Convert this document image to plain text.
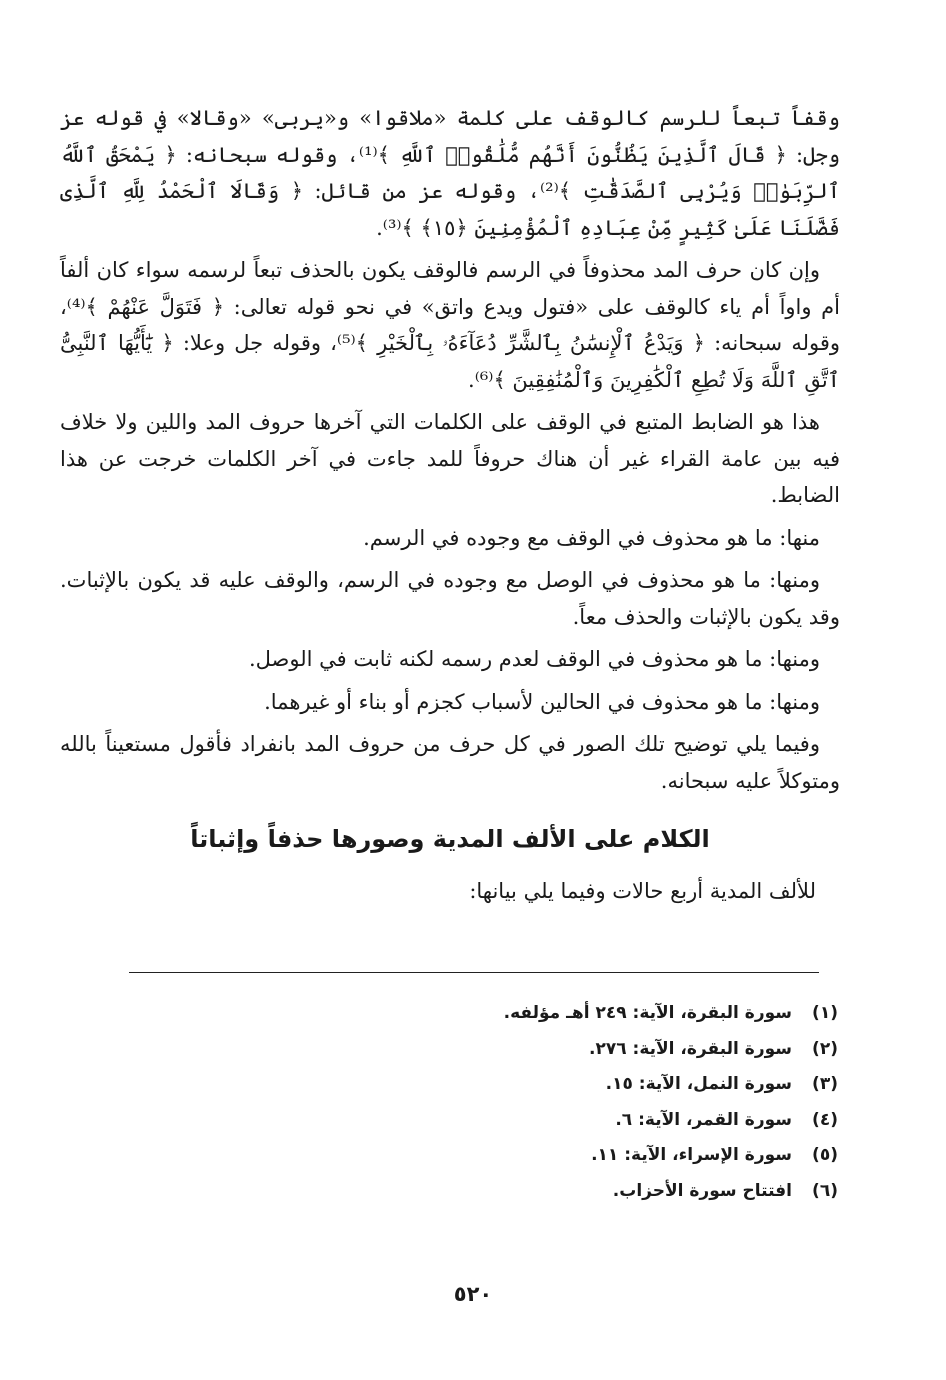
وقفاً تبعاً للرسم كالوقف على كلمة «ملاقوا» و«يربى» «وقالا» في قوله عز وجل: ﴿ قَالَ ٱلَّذِينَ يَظُنُّونَ أَنَّهُم مُّلَٰقُوا۟ ٱللَّهِ ﴾⁽¹⁾، وقوله سبحانه: ﴿ يَمْحَقُ ٱللَّهُ ٱلرِّبَوٰا۟ وَيُرْبِى ٱلصَّدَقَٰتِ ﴾⁽²⁾، وقوله عز من قائل: ﴿ وَقَالَا ٱلْحَمْدُ لِلَّهِ ٱلَّذِى فَضَّلَنَا عَلَىٰ كَثِيرٍ مِّنْ عِبَادِهِ ٱلْمُؤْمِنِينَ ﴿١٥﴾ ﴾⁽³⁾.

وإن كان حرف المد محذوفاً في الرسم فالوقف يكون بالحذف تبعاً لرسمه سواء كان ألفاً أم واواً أم ياء كالوقف على «فتول ويدع واتق» في نحو قوله تعالى: ﴿ فَتَوَلَّ عَنْهُمْ ﴾⁽⁴⁾، وقوله سبحانه: ﴿ وَيَدْعُ ٱلْإِنسَٰنُ بِٱلشَّرِّ دُعَآءَهُۥ بِٱلْخَيْرِ ﴾⁽⁵⁾، وقوله جل وعلا: ﴿ يَٰٓأَيُّهَا ٱلنَّبِىُّ ٱتَّقِ ٱللَّهَ وَلَا تُطِعِ ٱلْكَٰفِرِينَ وَٱلْمُنَٰفِقِينَ ﴾⁽⁶⁾.

هذا هو الضابط المتبع في الوقف على الكلمات التي آخرها حروف المد واللين ولا خلاف فيه بين عامة القراء غير أن هناك حروفاً للمد جاءت في آخر الكلمات خرجت عن هذا الضابط.

منها: ما هو محذوف في الوقف مع وجوده في الرسم.

ومنها: ما هو محذوف في الوصل مع وجوده في الرسم، والوقف عليه قد يكون بالإثبات. وقد يكون بالإثبات والحذف معاً.

ومنها: ما هو محذوف في الوقف لعدم رسمه لكنه ثابت في الوصل.

ومنها: ما هو محذوف في الحالين لأسباب كجزم أو بناء أو غيرهما.

وفيما يلي توضيح تلك الصور في كل حرف من حروف المد بانفراد فأقول مستعيناً بالله ومتوكلاً عليه سبحانه.

الكلام على الألف المدية وصورها حذفاً وإثباتاً

للألف المدية أربع حالات وفيما يلي بيانها:

(١)سورة البقرة، الآية: ٢٤٩ أهـ مؤلفه.
(٢)سورة البقرة، الآية: ٢٧٦.
(٣)سورة النمل، الآية: ١٥.
(٤)سورة القمر، الآية: ٦.
(٥)سورة الإسراء، الآية: ١١.
(٦)افتتاح سورة الأحزاب.
٥٢٠
